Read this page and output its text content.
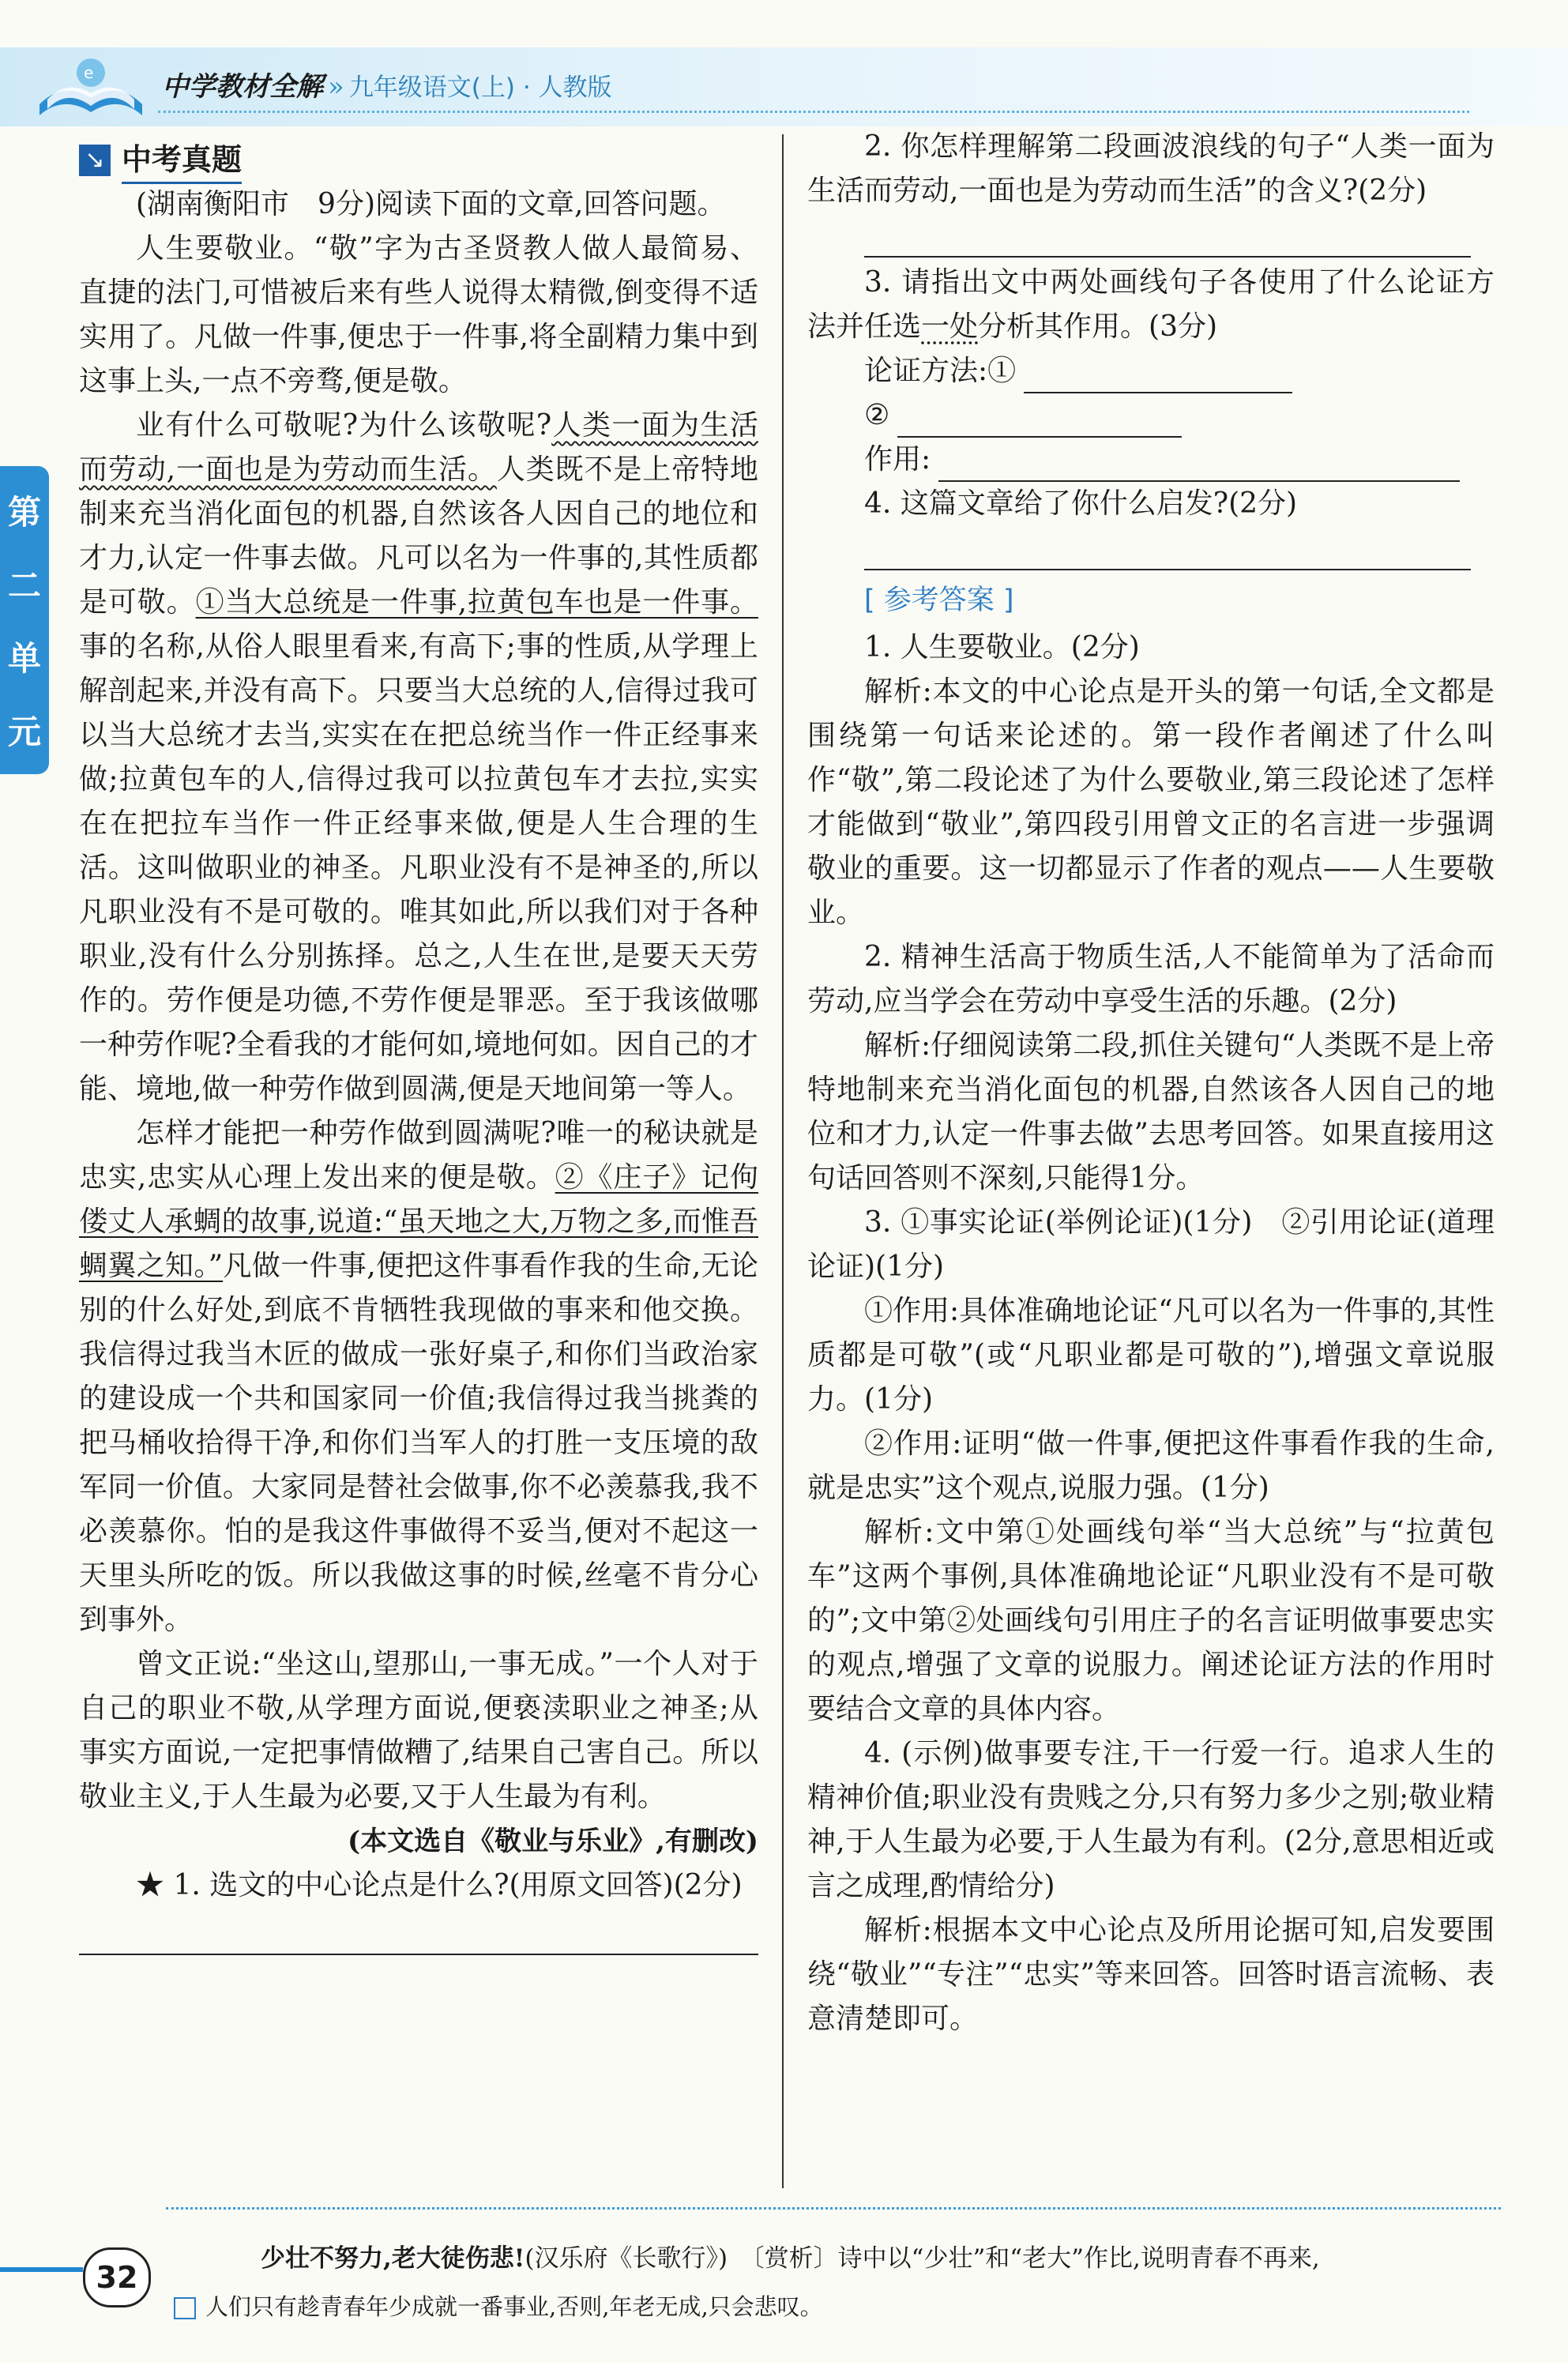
e	中学教材全解 » 九年级语文(上) · 人教版
第
二
单
元
↘ 中考真题

(湖南衡阳市　9分)阅读下面的文章,回答问题。

人生要敬业。“敬”字为古圣贤教人做人最简易、直捷的法门,可惜被后来有些人说得太精微,倒变得不适实用了。凡做一件事,便忠于一件事,将全副精力集中到这事上头,一点不旁骛,便是敬。

业有什么可敬呢?为什么该敬呢?人类一面为生活而劳动,一面也是为劳动而生活。人类既不是上帝特地制来充当消化面包的机器,自然该各人因自己的地位和才力,认定一件事去做。凡可以名为一件事的,其性质都是可敬。①当大总统是一件事,拉黄包车也是一件事。事的名称,从俗人眼里看来,有高下;事的性质,从学理上解剖起来,并没有高下。只要当大总统的人,信得过我可以当大总统才去当,实实在在把总统当作一件正经事来做;拉黄包车的人,信得过我可以拉黄包车才去拉,实实在在把拉车当作一件正经事来做,便是人生合理的生活。这叫做职业的神圣。凡职业没有不是神圣的,所以凡职业没有不是可敬的。唯其如此,所以我们对于各种职业,没有什么分别拣择。总之,人生在世,是要天天劳作的。劳作便是功德,不劳作便是罪恶。至于我该做哪一种劳作呢?全看我的才能何如,境地何如。因自己的才能、境地,做一种劳作做到圆满,便是天地间第一等人。

怎样才能把一种劳作做到圆满呢?唯一的秘诀就是忠实,忠实从心理上发出来的便是敬。②《庄子》记佝偻丈人承蜩的故事,说道:“虽天地之大,万物之多,而惟吾蜩翼之知。”凡做一件事,便把这件事看作我的生命,无论别的什么好处,到底不肯牺牲我现做的事来和他交换。我信得过我当木匠的做成一张好桌子,和你们当政治家的建设成一个共和国家同一价值;我信得过我当挑粪的把马桶收拾得干净,和你们当军人的打胜一支压境的敌军同一价值。大家同是替社会做事,你不必羡慕我,我不必羡慕你。怕的是我这件事做得不妥当,便对不起这一天里头所吃的饭。所以我做这事的时候,丝毫不肯分心到事外。

曾文正说:“坐这山,望那山,一事无成。”一个人对于自己的职业不敬,从学理方面说,便亵渎职业之神圣;从事实方面说,一定把事情做糟了,结果自己害自己。所以敬业主义,于人生最为必要,又于人生最为有利。

(本文选自《敬业与乐业》,有删改)

★ 1. 选文的中心论点是什么?(用原文回答)(2分)

2. 你怎样理解第二段画波浪线的句子“人类一面为生活而劳动,一面也是为劳动而生活”的含义?(2分)

3. 请指出文中两处画线句子各使用了什么论证方法并任选一处分析其作用。(3分)

论证方法:①

②

作用:

4. 这篇文章给了你什么启发?(2分)

[ 参考答案 ]

1. 人生要敬业。(2分)

解析:本文的中心论点是开头的第一句话,全文都是围绕第一句话来论述的。第一段作者阐述了什么叫作“敬”,第二段论述了为什么要敬业,第三段论述了怎样才能做到“敬业”,第四段引用曾文正的名言进一步强调敬业的重要。这一切都显示了作者的观点——人生要敬业。

2. 精神生活高于物质生活,人不能简单为了活命而劳动,应当学会在劳动中享受生活的乐趣。(2分)

解析:仔细阅读第二段,抓住关键句“人类既不是上帝特地制来充当消化面包的机器,自然该各人因自己的地位和才力,认定一件事去做”去思考回答。如果直接用这句话回答则不深刻,只能得1分。

3. ①事实论证(举例论证)(1分)　②引用论证(道理论证)(1分)

①作用:具体准确地论证“凡可以名为一件事的,其性质都是可敬”(或“凡职业都是可敬的”),增强文章说服力。(1分)

②作用:证明“做一件事,便把这件事看作我的生命,就是忠实”这个观点,说服力强。(1分)

解析:文中第①处画线句举“当大总统”与“拉黄包车”这两个事例,具体准确地论证“凡职业没有不是可敬的”;文中第②处画线句引用庄子的名言证明做事要忠实的观点,增强了文章的说服力。阐述论证方法的作用时要结合文章的具体内容。

4. (示例)做事要专注,干一行爱一行。追求人生的精神价值;职业没有贵贱之分,只有努力多少之别;敬业精神,于人生最为必要,于人生最为有利。(2分,意思相近或言之成理,酌情给分)

解析:根据本文中心论点及所用论据可知,启发要围绕“敬业”“专注”“忠实”等来回答。回答时语言流畅、表意清楚即可。

32
少壮不努力,老大徒伤悲!(汉乐府《长歌行》)　 〔赏析〕诗中以“少壮”和“老大”作比,说明青春不再来,
人们只有趁青春年少成就一番事业,否则,年老无成,只会悲叹。
